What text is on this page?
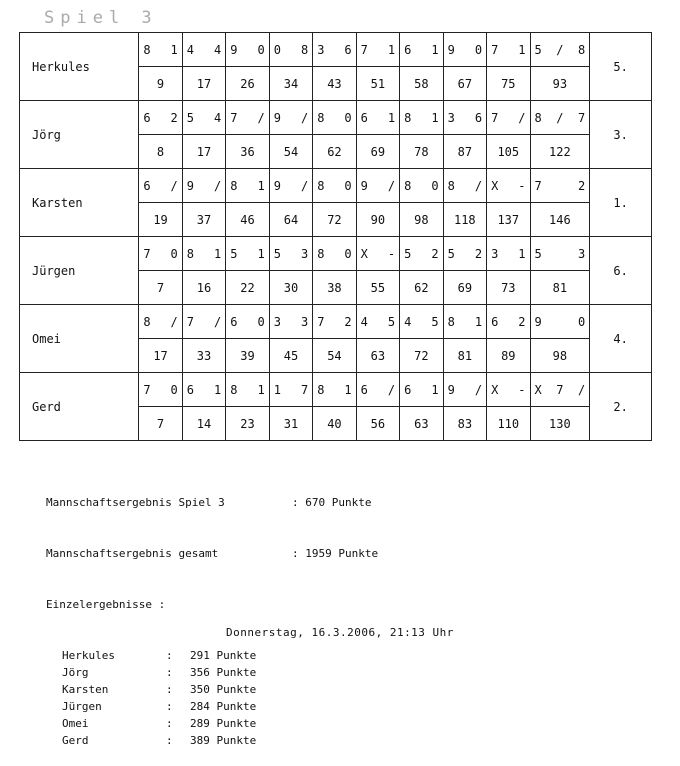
Spiel 3
Herkules	8 1	4 4	9 0	0 8	3 6	7 1	6 1	9 0	7 1	5 / 8	5.
	9	17	26	34	43	51	58	67	75	93	
Jörg	6 2	5 4	7 /	9 /	8 0	6 1	8 1	3 6	7 /	8 / 7	3.
	8	17	36	54	62	69	78	87	105	122	
Karsten	6 /	9 /	8 1	9 /	8 0	9 /	8 0	8 /	X -	7 2	1.
	19	37	46	64	72	90	98	118	137	146	
Jürgen	7 0	8 1	5 1	5 3	8 0	X -	5 2	5 2	3 1	5 3	6.
	7	16	22	30	38	55	62	69	73	81	
Omei	8 /	7 /	6 0	3 3	7 2	4 5	4 5	8 1	6 2	9 0	4.
	17	33	39	45	54	63	72	81	89	98	
Gerd	7 0	6 1	8 1	1 7	8 1	6 /	6 1	9 /	X -	X 7 /	2.
	7	14	23	31	40	56	63	83	110	130	

Mannschaftsergebnis Spiel 3	: 670 Punkte

Mannschaftsergebnis gesamt	: 1959 Punkte

Einzelergebnisse :

Herkules	:	291 Punkte
Jörg	:	356 Punkte
Karsten	:	350 Punkte
Jürgen	:	284 Punkte
Omei	:	289 Punkte
Gerd	:	389 Punkte

Donnerstag, 16.3.2006, 21:13 Uhr
